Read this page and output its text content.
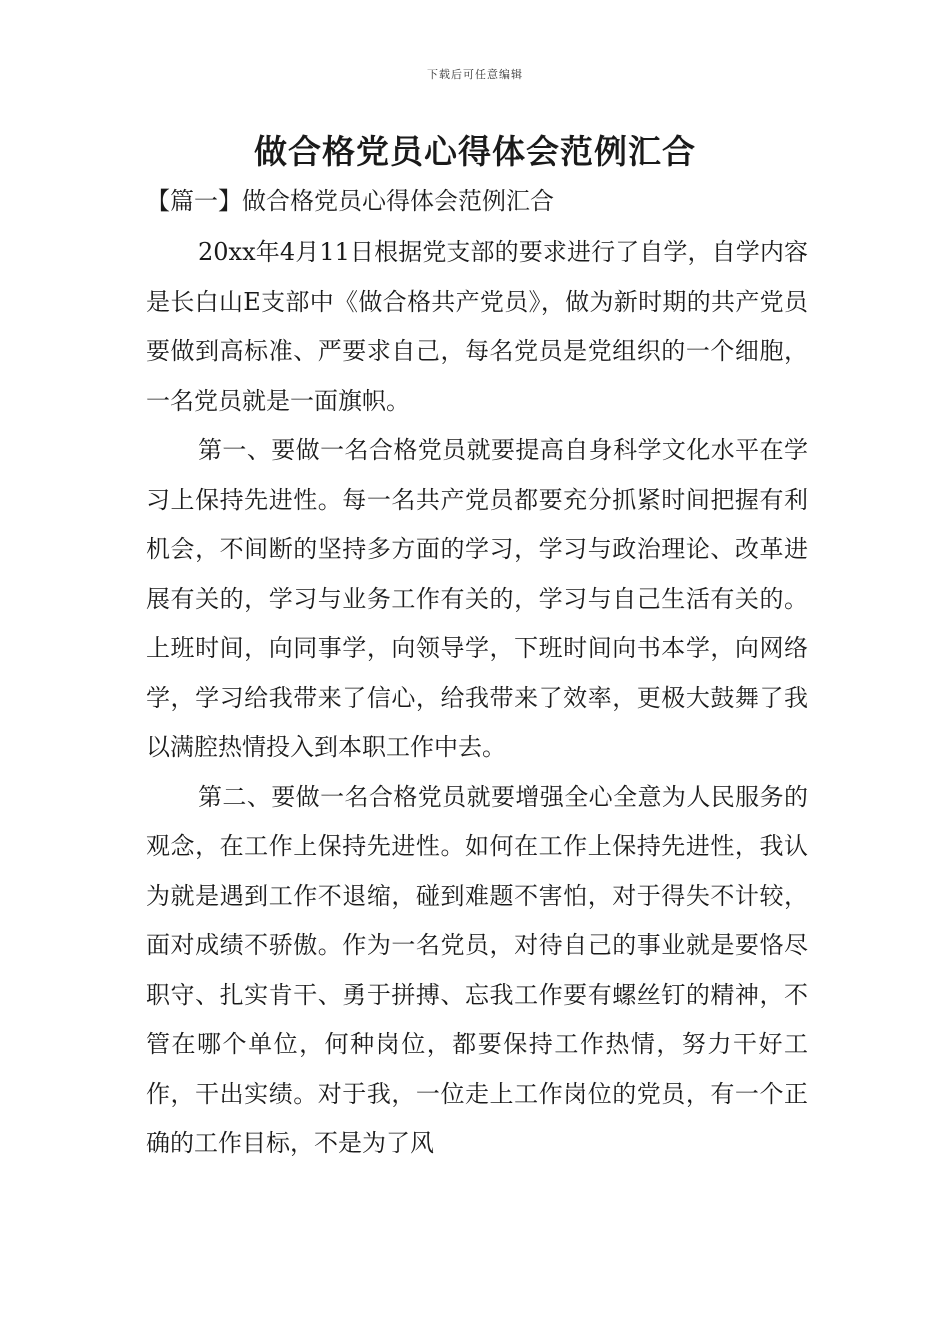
下载后可任意编辑
做合格党员心得体会范例汇合
【篇一】做合格党员心得体会范例汇合

20xx年4月11日根据党支部的要求进行了自学，自学内容是长白山E支部中《做合格共产党员》，做为新时期的共产党员要做到高标准、严要求自己，每名党员是党组织的一个细胞，一名党员就是一面旗帜。

第一、要做一名合格党员就要提高自身科学文化水平在学习上保持先进性。每一名共产党员都要充分抓紧时间把握有利机会，不间断的坚持多方面的学习，学习与政治理论、改革进展有关的，学习与业务工作有关的，学习与自己生活有关的。上班时间，向同事学，向领导学，下班时间向书本学，向网络学，学习给我带来了信心，给我带来了效率，更极大鼓舞了我以满腔热情投入到本职工作中去。

第二、要做一名合格党员就要增强全心全意为人民服务的观念，在工作上保持先进性。如何在工作上保持先进性，我认为就是遇到工作不退缩，碰到难题不害怕，对于得失不计较，面对成绩不骄傲。作为一名党员，对待自己的事业就是要恪尽职守、扎实肯干、勇于拼搏、忘我工作要有螺丝钉的精神，不管在哪个单位，何种岗位，都要保持工作热情，努力干好工作，干出实绩。对于我，一位走上工作岗位的党员，有一个正确的工作目标，不是为了风
